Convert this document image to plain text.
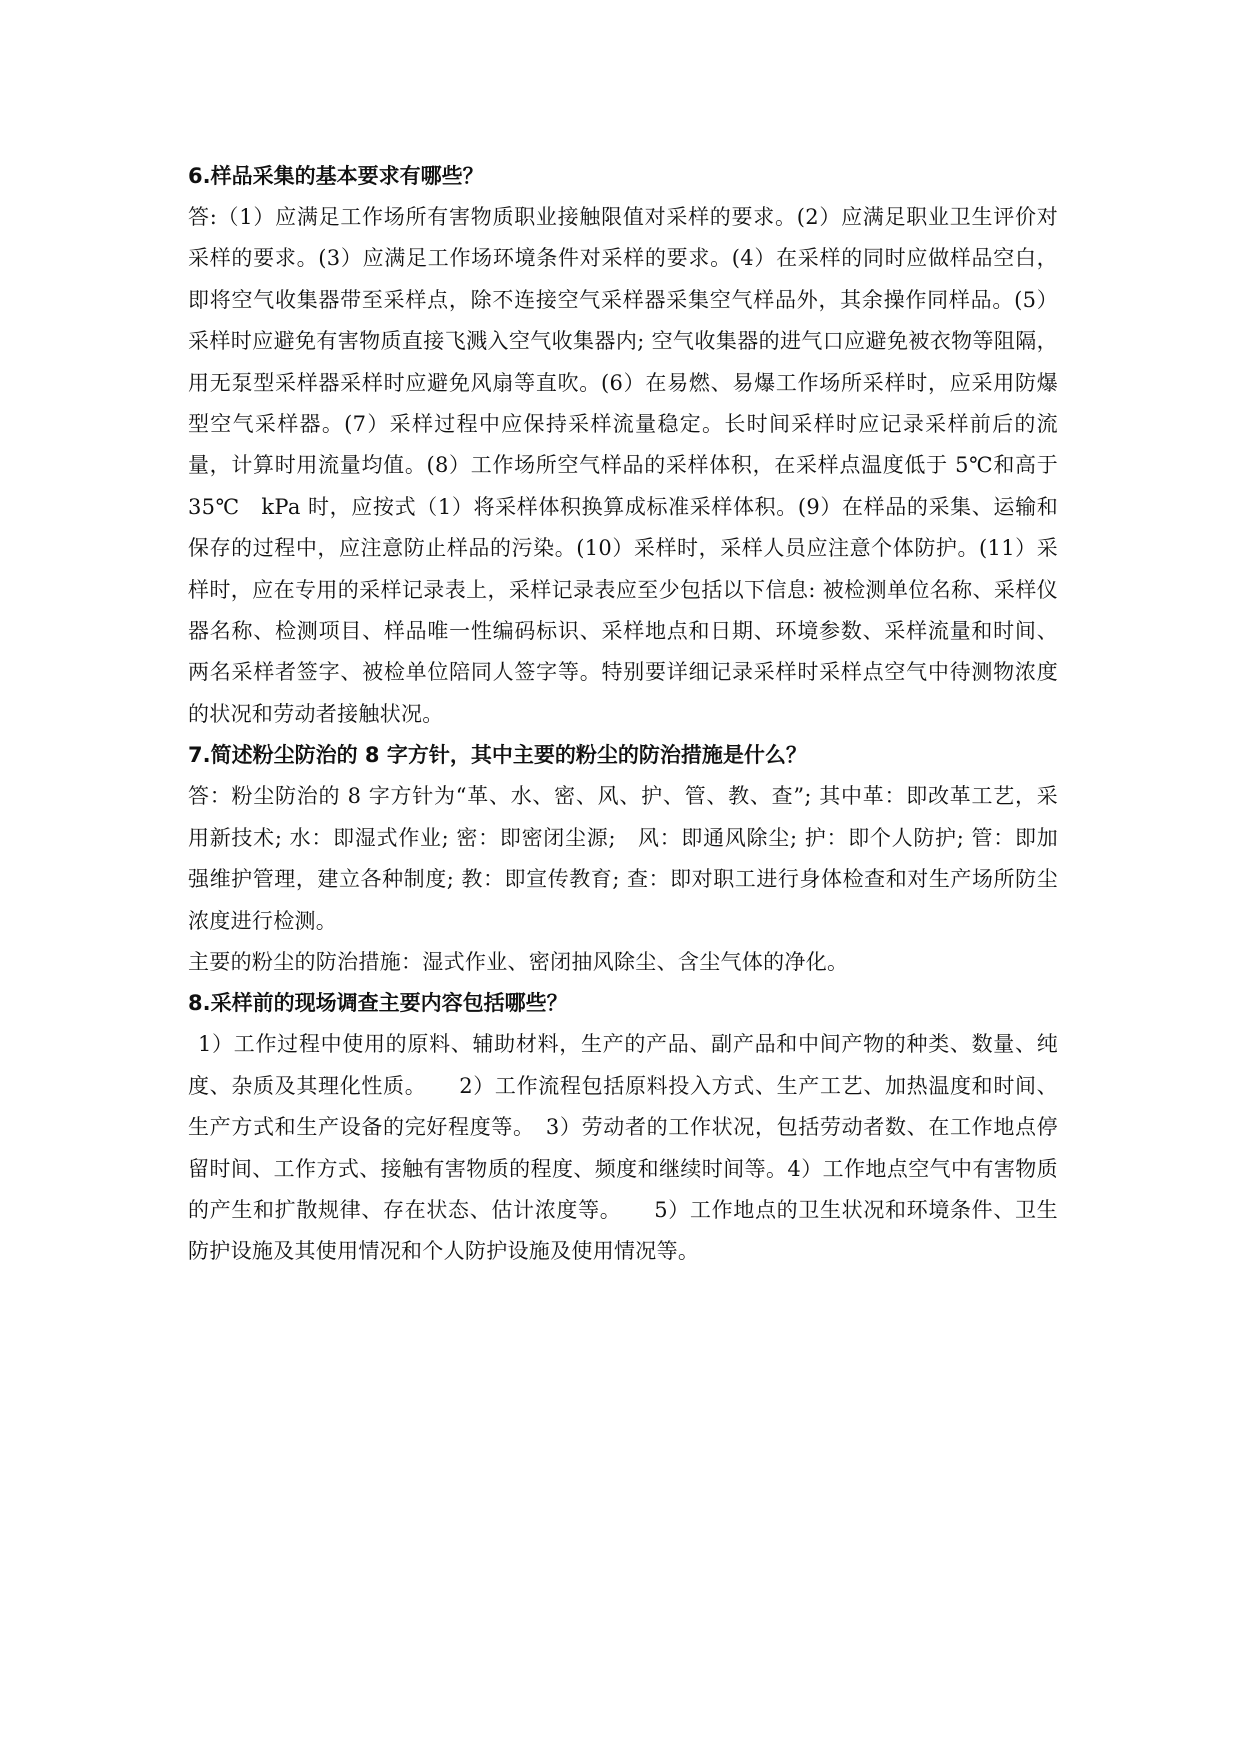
6.样品采集的基本要求有哪些？

答:（1）应满足工作场所有害物质职业接触限值对采样的要求。(2）应满足职业卫生评价对采样的要求。(3）应满足工作场环境条件对采样的要求。(4）在采样的同时应做样品空白，即将空气收集器带至采样点，除不连接空气采样器采集空气样品外，其余操作同样品。(5）采样时应避免有害物质直接飞溅入空气收集器内; 空气收集器的进气口应避免被衣物等阻隔，用无泵型采样器采样时应避免风扇等直吹。(6）在易燃、易爆工作场所采样时，应采用防爆型空气采样器。(7）采样过程中应保持采样流量稳定。长时间采样时应记录采样前后的流量，计算时用流量均值。(8）工作场所空气样品的采样体积，在采样点温度低于 5℃和高于35℃　kPa 时，应按式（1）将采样体积换算成标准采样体积。(9）在样品的采集、运输和保存的过程中，应注意防止样品的污染。(10）采样时，采样人员应注意个体防护。(11）采样时，应在专用的采样记录表上，采样记录表应至少包括以下信息: 被检测单位名称、采样仪器名称、检测项目、样品唯一性编码标识、采样地点和日期、环境参数、采样流量和时间、两名采样者签字、被检单位陪同人签字等。特别要详细记录采样时采样点空气中待测物浓度的状况和劳动者接触状况。

7.简述粉尘防治的 8 字方针，其中主要的粉尘的防治措施是什么？

答：粉尘防治的 8 字方针为“革、水、密、风、护、管、教、查”; 其中革：即改革工艺，采用新技术; 水：即湿式作业; 密：即密闭尘源;　风：即通风除尘; 护：即个人防护; 管：即加强维护管理，建立各种制度; 教：即宣传教育; 查：即对职工进行身体检查和对生产场所防尘浓度进行检测。

主要的粉尘的防治措施：湿式作业、密闭抽风除尘、含尘气体的净化。

8.采样前的现场调查主要内容包括哪些？

1）工作过程中使用的原料、辅助材料，生产的产品、副产品和中间产物的种类、数量、纯度、杂质及其理化性质。　　2）工作流程包括原料投入方式、生产工艺、加热温度和时间、生产方式和生产设备的完好程度等。　3）劳动者的工作状况，包括劳动者数、在工作地点停留时间、工作方式、接触有害物质的程度、频度和继续时间等。4）工作地点空气中有害物质的产生和扩散规律、存在状态、估计浓度等。　　5）工作地点的卫生状况和环境条件、卫生防护设施及其使用情况和个人防护设施及使用情况等。
